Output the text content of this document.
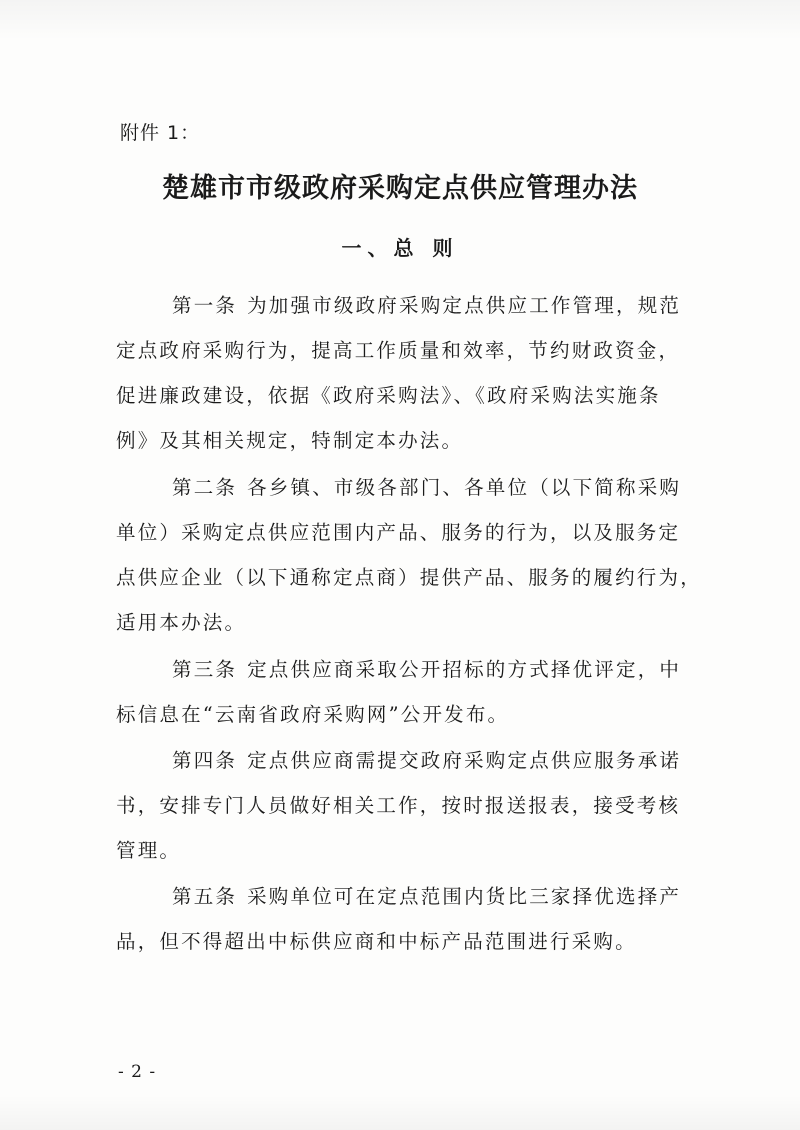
附件 1：
楚雄市市级政府采购定点供应管理办法
一、总 则
第一条 为加强市级政府采购定点供应工作管理，规范
定点政府采购行为，提高工作质量和效率，节约财政资金，
促进廉政建设，依据《政府采购法》、《政府采购法实施条
例》及其相关规定，特制定本办法。
第二条 各乡镇、市级各部门、各单位（以下简称采购
单位）采购定点供应范围内产品、服务的行为，以及服务定
点供应企业（以下通称定点商）提供产品、服务的履约行为，
适用本办法。
第三条 定点供应商采取公开招标的方式择优评定，中
标信息在“云南省政府采购网”公开发布。
第四条 定点供应商需提交政府采购定点供应服务承诺
书，安排专门人员做好相关工作，按时报送报表，接受考核
管理。
第五条 采购单位可在定点范围内货比三家择优选择产
品，但不得超出中标供应商和中标产品范围进行采购。
- 2 -
